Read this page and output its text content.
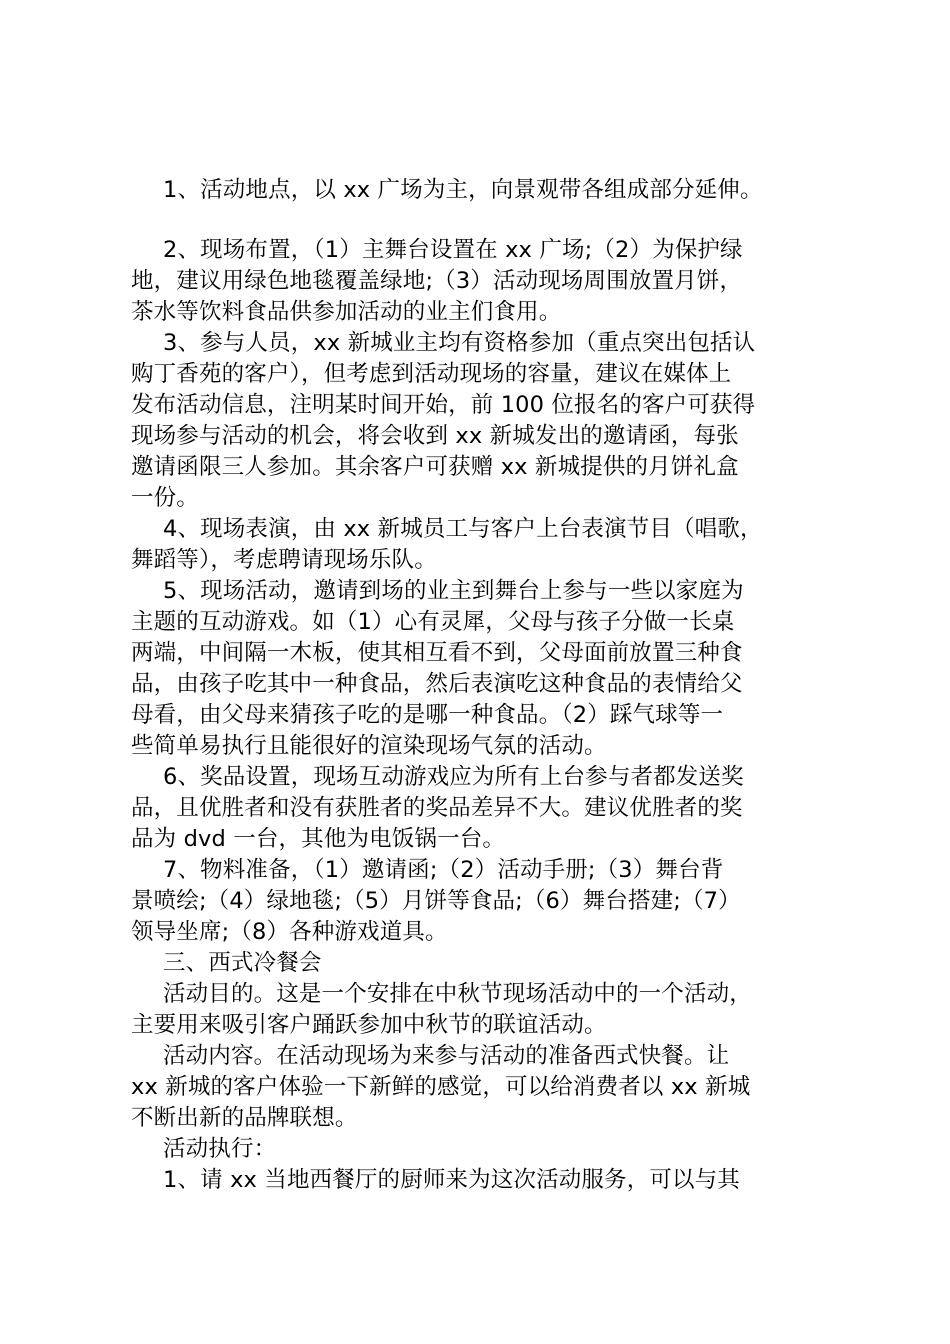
1、活动地点，以 xx 广场为主，向景观带各组成部分延伸。
2、现场布置，（1）主舞台设置在 xx 广场;（2）为保护绿
地，建议用绿色地毯覆盖绿地;（3）活动现场周围放置月饼，
茶水等饮料食品供参加活动的业主们食用。
3、参与人员，xx 新城业主均有资格参加（重点突出包括认
购丁香苑的客户），但考虑到活动现场的容量，建议在媒体上
发布活动信息，注明某时间开始，前 100 位报名的客户可获得
现场参与活动的机会，将会收到 xx 新城发出的邀请函，每张
邀请函限三人参加。其余客户可获赠 xx 新城提供的月饼礼盒
一份。
4、现场表演，由 xx 新城员工与客户上台表演节目（唱歌，
舞蹈等），考虑聘请现场乐队。
5、现场活动，邀请到场的业主到舞台上参与一些以家庭为
主题的互动游戏。如（1）心有灵犀，父母与孩子分做一长桌
两端，中间隔一木板，使其相互看不到，父母面前放置三种食
品，由孩子吃其中一种食品，然后表演吃这种食品的表情给父
母看，由父母来猜孩子吃的是哪一种食品。（2）踩气球等一
些简单易执行且能很好的渲染现场气氛的活动。
6、奖品设置，现场互动游戏应为所有上台参与者都发送奖
品，且优胜者和没有获胜者的奖品差异不大。建议优胜者的奖
品为 dvd 一台，其他为电饭锅一台。
7、物料准备，（1）邀请函;（2）活动手册;（3）舞台背
景喷绘;（4）绿地毯;（5）月饼等食品;（6）舞台搭建;（7）
领导坐席;（8）各种游戏道具。
三、西式冷餐会
活动目的。这是一个安排在中秋节现场活动中的一个活动，
主要用来吸引客户踊跃参加中秋节的联谊活动。
活动内容。在活动现场为来参与活动的准备西式快餐。让
xx 新城的客户体验一下新鲜的感觉，可以给消费者以 xx 新城
不断出新的品牌联想。
活动执行：
1、请 xx 当地西餐厅的厨师来为这次活动服务，可以与其
